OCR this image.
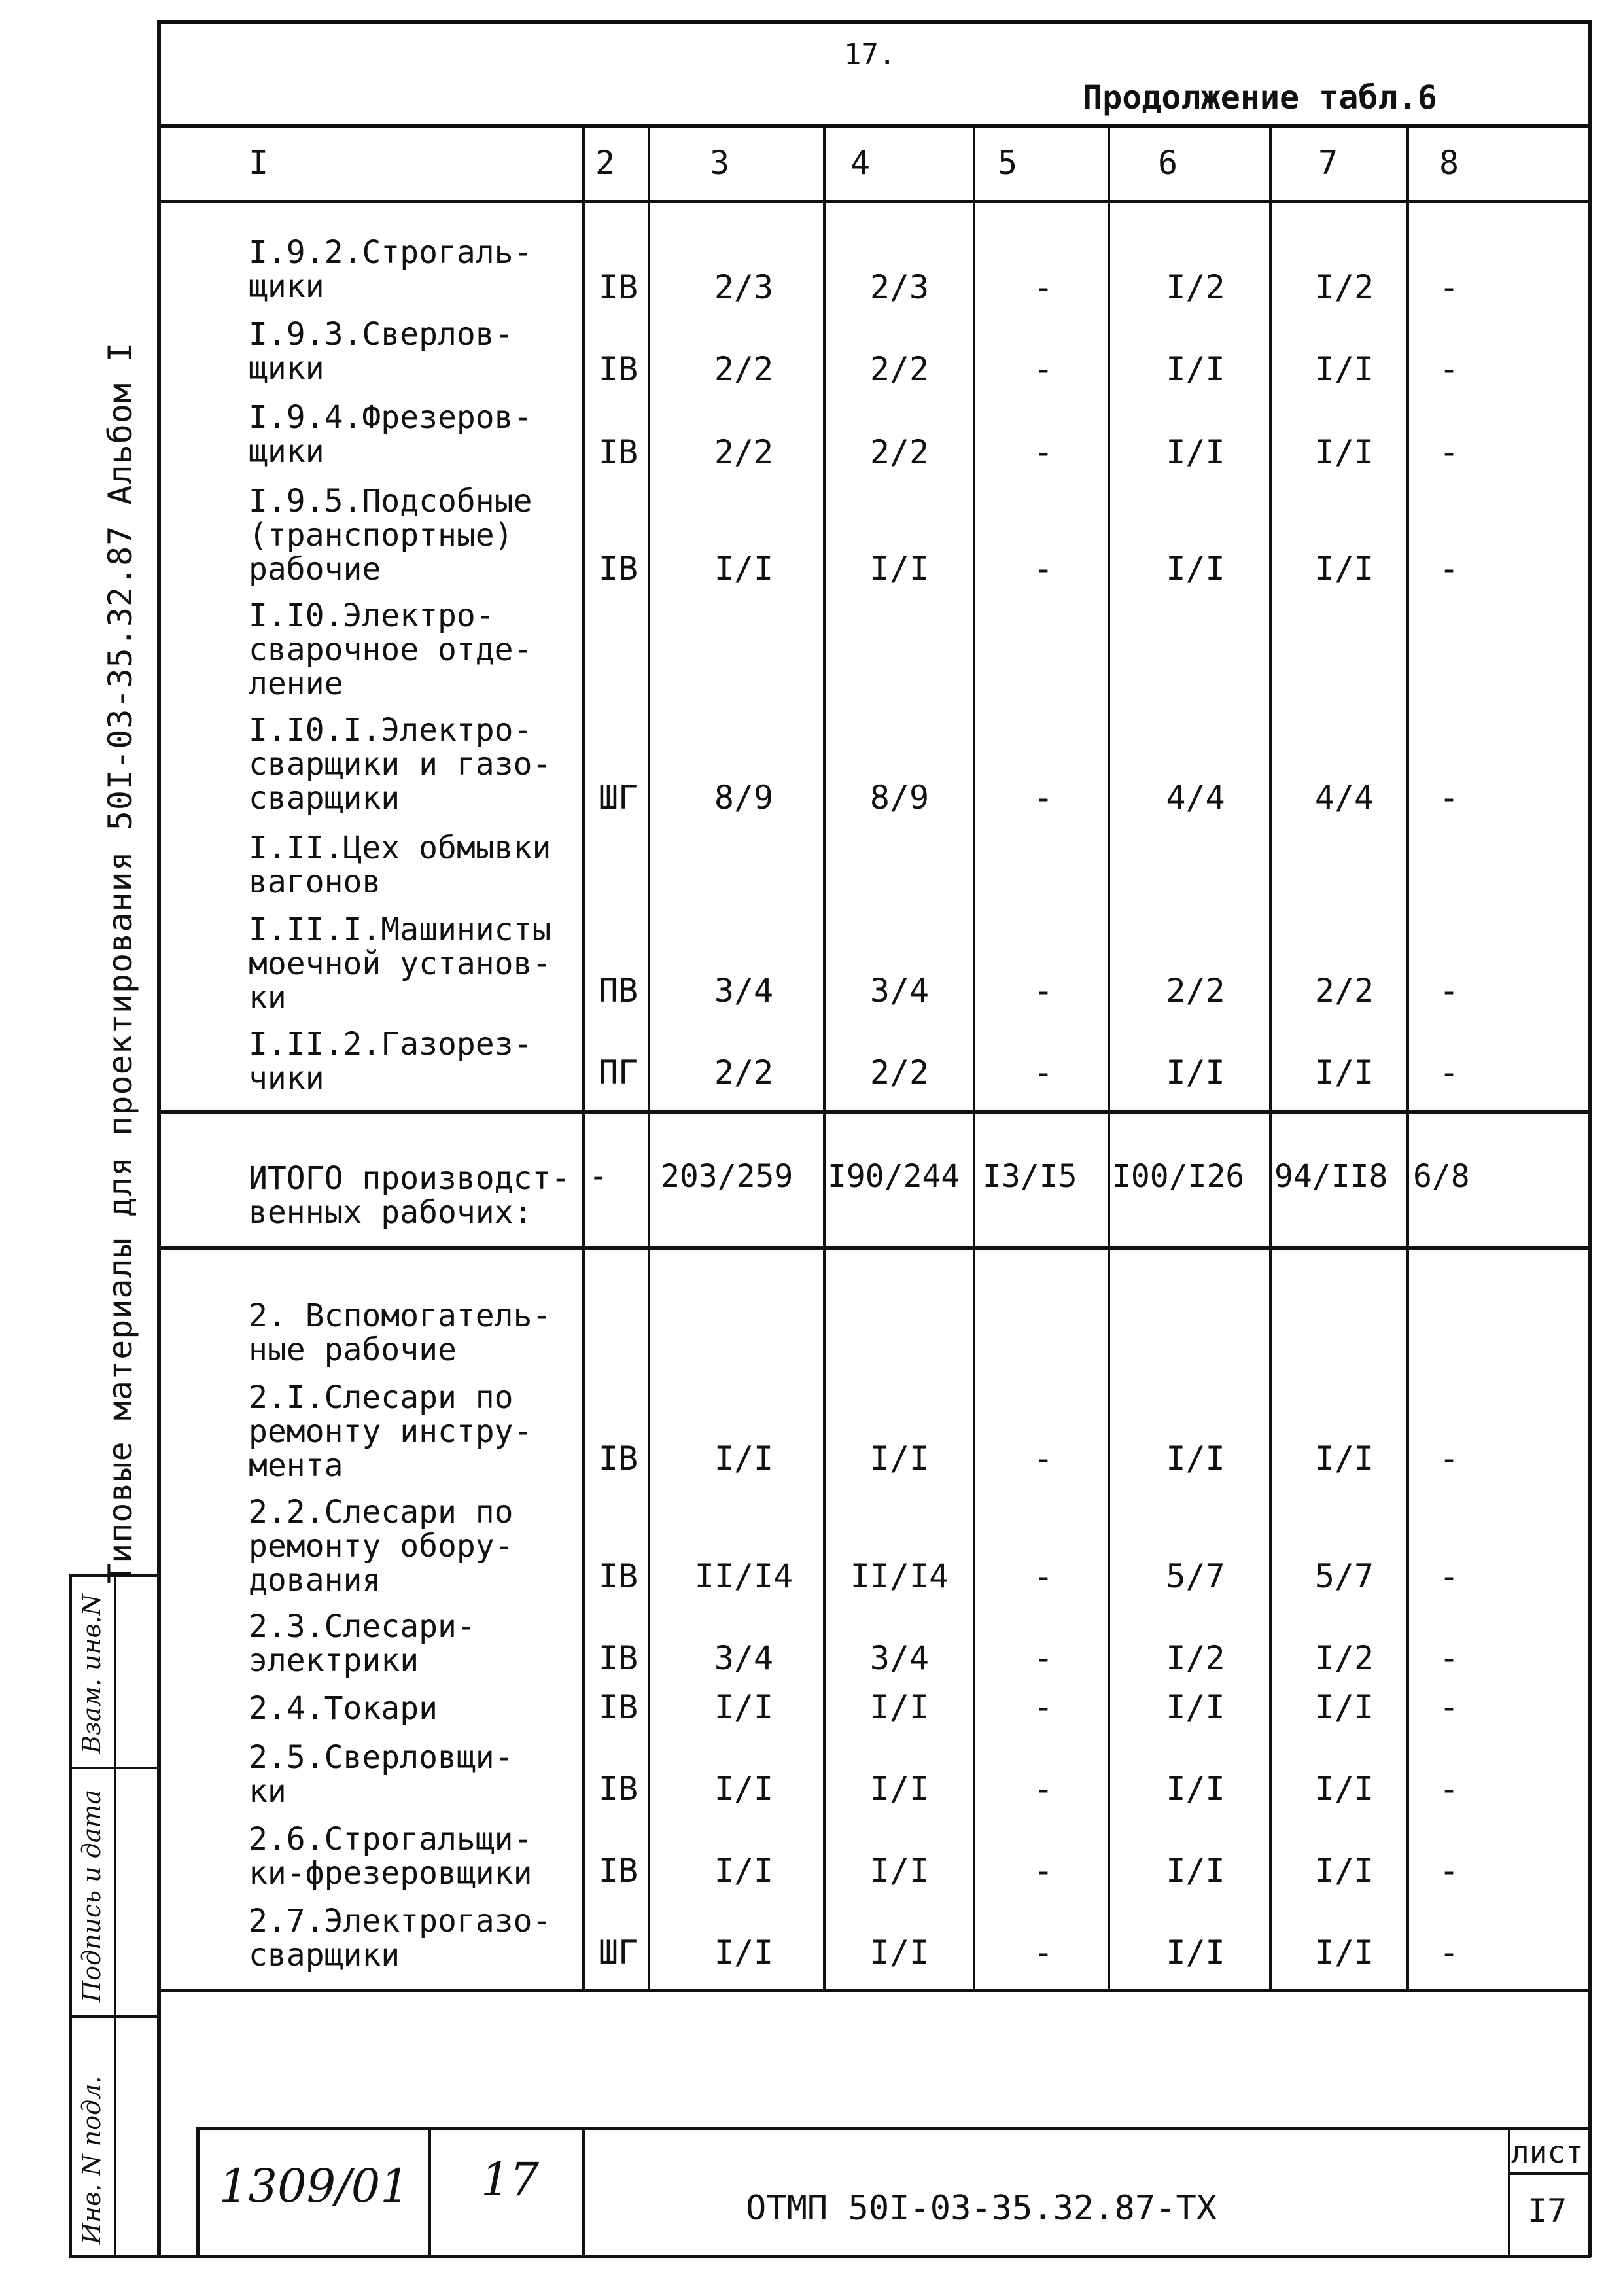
17.
Продолжение табл.6
Типовые материалы для проектирования 50I-03-35.32.87 Альбом I
Инв. N подл.
Подпись и дата
Взам. инв.N
I	2	3	4	5	6	7	8
I.9.2.Строгаль-
щики	IB	2/3	2/3	-	I/2	I/2	-
I.9.3.Сверлов-
щики	IB	2/2	2/2	-	I/I	I/I	-
I.9.4.Фрезеров-
щики	IB	2/2	2/2	-	I/I	I/I	-
I.9.5.Подсобные
(транспортные)
рабочие	IB	I/I	I/I	-	I/I	I/I	-
I.I0.Электро-
сварочное отде-
ление
I.I0.I.Электро-
сварщики и газо-
сварщики	ШГ	8/9	8/9	-	4/4	4/4	-
I.II.Цех обмывки
вагонов
I.II.I.Машинисты
моечной установ-
ки	ПВ	3/4	3/4	-	2/2	2/2	-
I.II.2.Газорез-
чики	ПГ	2/2	2/2	-	I/I	I/I	-
ИТОГО производст-
венных рабочих:
- 203/259 I90/244 I3/I5 I00/I26 94/II8 6/8
2. Вспомогатель-
ные рабочие
2.I.Слесари по
ремонту инстру-
мента	IB	I/I	I/I	-	I/I	I/I	-
2.2.Слесари по
ремонту обору-
дования	IB	II/I4	II/I4	-	5/7	5/7	-
2.3.Слесари-
электрики	IB	3/4	3/4	-	I/2	I/2	-
2.4.Токари	IB	I/I	I/I	-	I/I	I/I	-
2.5.Сверловщи-
ки	IB	I/I	I/I	-	I/I	I/I	-
2.6.Строгальщи-
ки-фрезеровщики	IB	I/I	I/I	-	I/I	I/I	-
2.7.Электрогазо-
сварщики	ШГ	I/I	I/I	-	I/I	I/I	-
1309/01 17
ОТМП 50I-03-35.32.87-ТХ
лист
I7
